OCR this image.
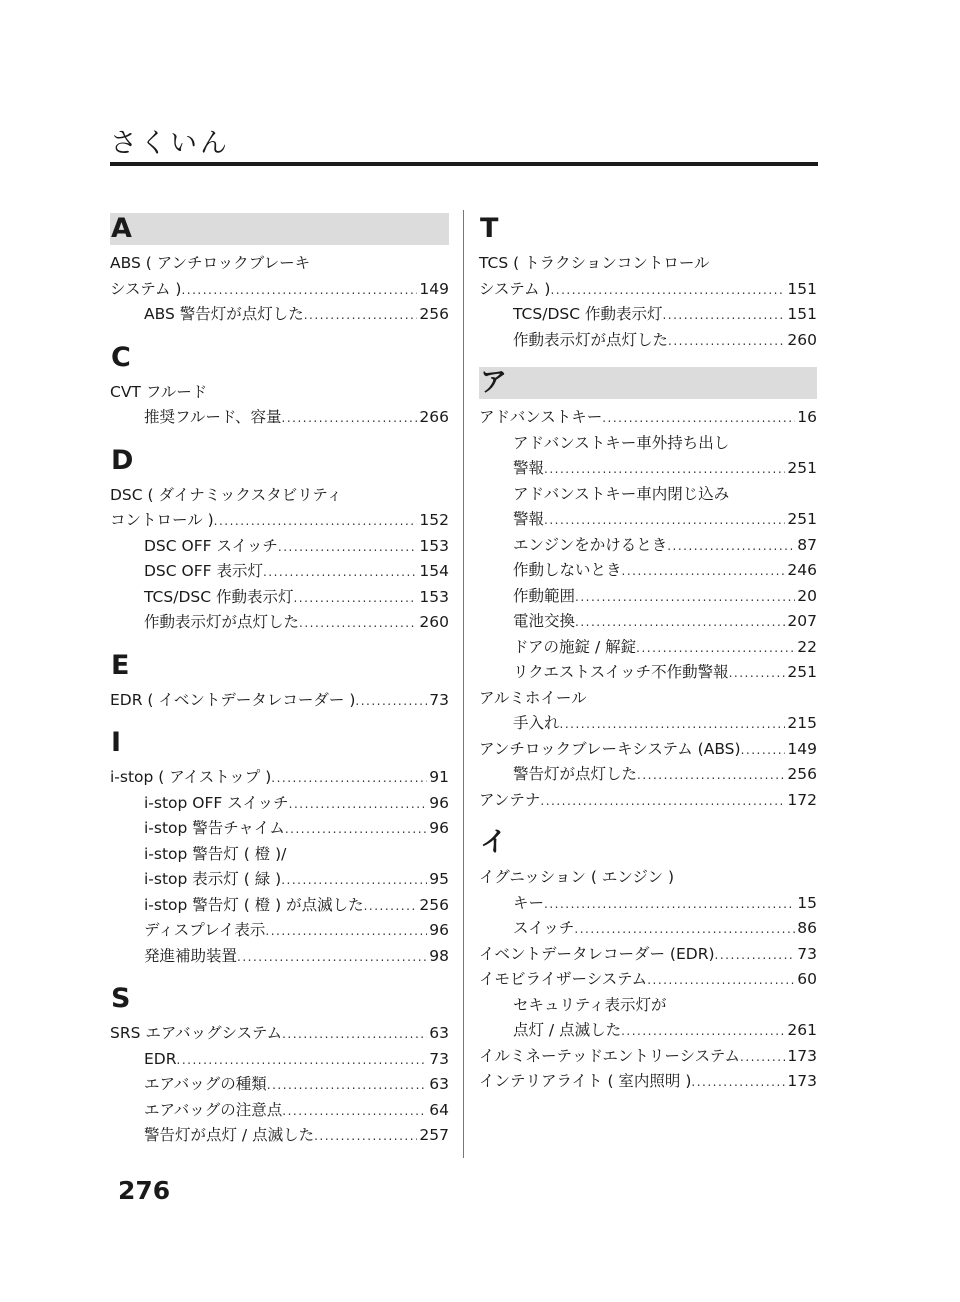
さくいん
A
ABS ( アンチロックブレーキ
システム ) .....	149
ABS 警告灯が点灯した .....	256
C
CVT フルード
推奨フルード、容量 .....	266
D
DSC ( ダイナミックスタビリティ
コントロール ) .....	152
DSC OFF スイッチ .....	153
DSC OFF 表示灯 .....	154
TCS/DSC 作動表示灯 .....	153
作動表示灯が点灯した .....	260
E
EDR ( イベントデータレコーダー ) .....	73
I
i-stop ( アイストップ ) .....	91
i-stop OFF スイッチ .....	96
i-stop 警告チャイム .....	96
i-stop 警告灯 ( 橙 )/
i-stop 表示灯 ( 緑 ) .....	95
i-stop 警告灯 ( 橙 ) が点滅した .....	256
ディスプレイ表示 .....	96
発進補助装置 .....	98
S
SRS エアバッグシステム .....	63
EDR .....	73
エアバッグの種類 .....	63
エアバッグの注意点 .....	64
警告灯が点灯 / 点滅した .....	257
T
TCS ( トラクションコントロール
システム ) .....	151
TCS/DSC 作動表示灯 .....	151
作動表示灯が点灯した .....	260
ア
アドバンストキー .....	16
アドバンストキー車外持ち出し
警報 .....	251
アドバンストキー車内閉じ込み
警報 .....	251
エンジンをかけるとき .....	87
作動しないとき .....	246
作動範囲 .....	20
電池交換 .....	207
ドアの施錠 / 解錠 .....	22
リクエストスイッチ不作動警報 .....	251
アルミホイール
手入れ .....	215
アンチロックブレーキシステム (ABS) .....	149
警告灯が点灯した .....	256
アンテナ .....	172
イ
イグニッション ( エンジン )
キー .....	15
スイッチ .....	86
イベントデータレコーダー (EDR) .....	73
イモビライザーシステム .....	60
セキュリティ表示灯が
点灯 / 点滅した .....	261
イルミネーテッドエントリーシステム .....	173
インテリアライト ( 室内照明 ) .....	173

276
